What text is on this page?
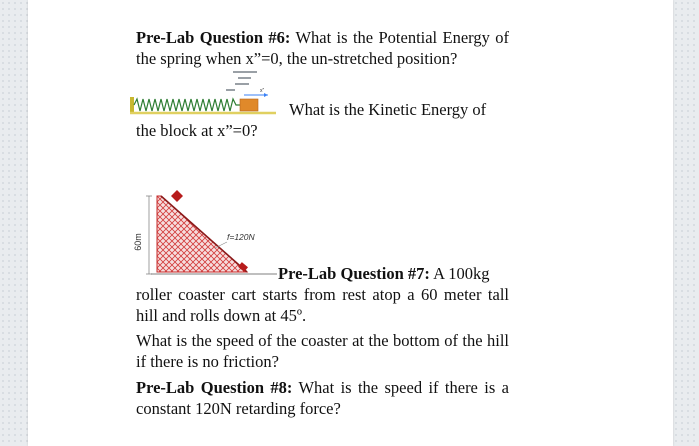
Pre-Lab Question #6: What is the Potential Energy of the spring when x”=0, the un-stretched position?

x”

What is the Kinetic Energy of

the block at x”=0?

60m	f=120N

Pre-Lab Question #7: A 100kg

roller coaster cart starts from rest atop a 60 meter tall hill and rolls down at 45º.

What is the speed of the coaster at the bottom of the hill if there is no friction?

Pre-Lab Question #8: What is the speed if there is a constant 120N retarding force?
